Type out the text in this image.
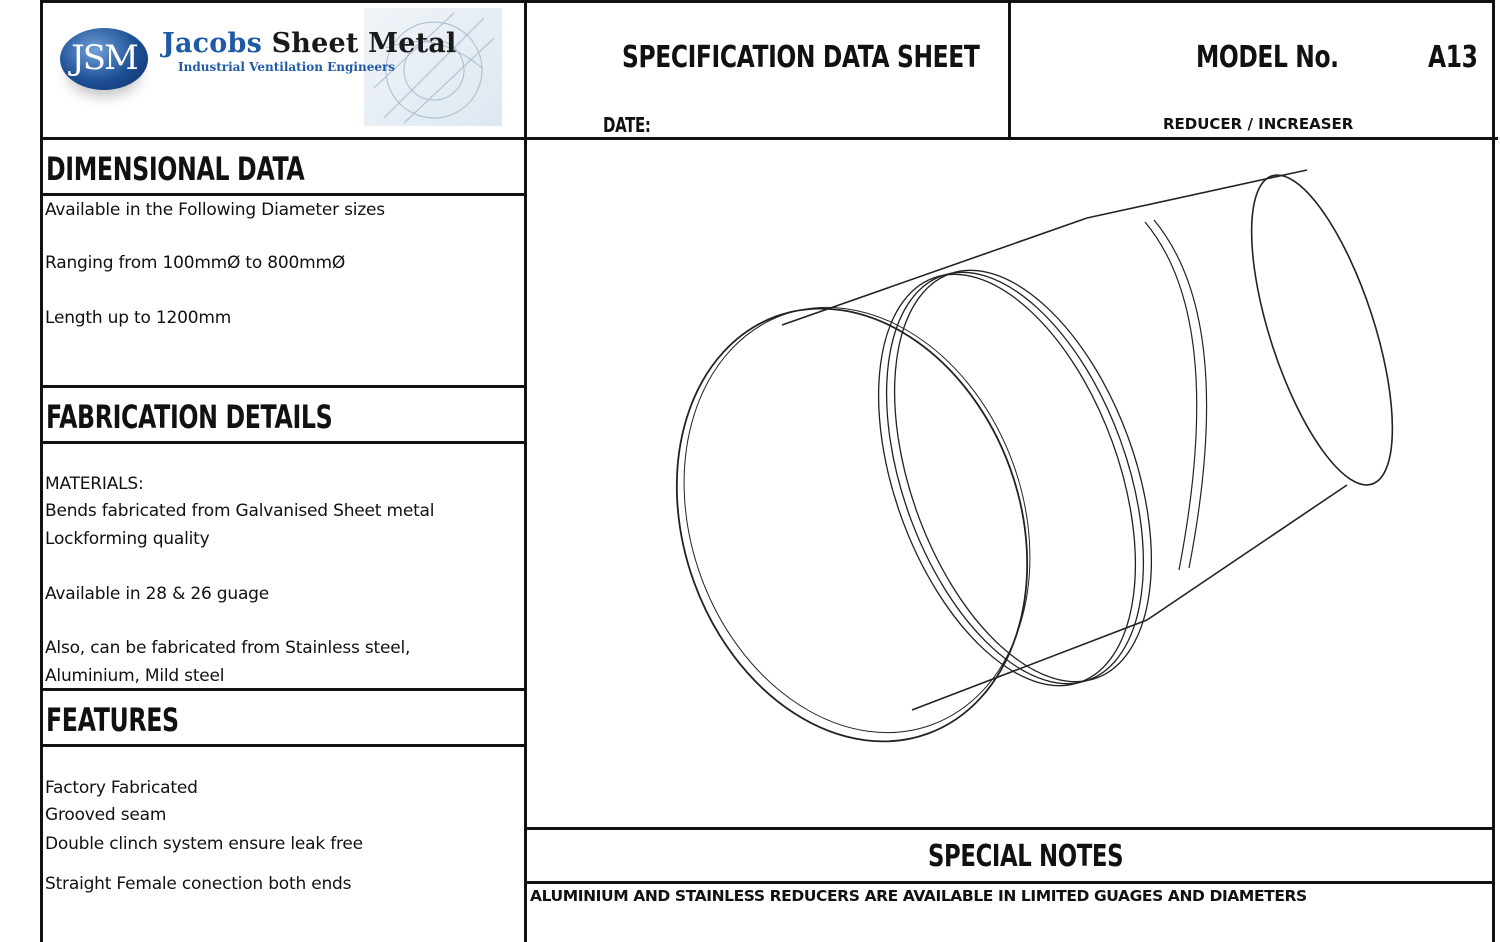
JSM Jacobs Sheet Metal
Industrial Ventilation Engineers	SPECIFICATION DATA SHEET
DATE:
MODEL No.	A13
REDUCER / INCREASER
DIMENSIONAL DATA
Available in the Following Diameter sizes
Ranging from 100mmØ to 800mmØ
Length up to 1200mm
FABRICATION DETAILS
MATERIALS:
Bends fabricated from Galvanised Sheet metal
Lockforming quality
Available in 28 & 26 guage
Also, can be fabricated from Stainless steel,
Aluminium, Mild steel
FEATURES
Factory Fabricated
Grooved seam
Double clinch system ensure leak free
Straight Female conection both ends
SPECIAL NOTES
ALUMINIUM AND STAINLESS REDUCERS ARE AVAILABLE IN LIMITED GUAGES AND DIAMETERS
